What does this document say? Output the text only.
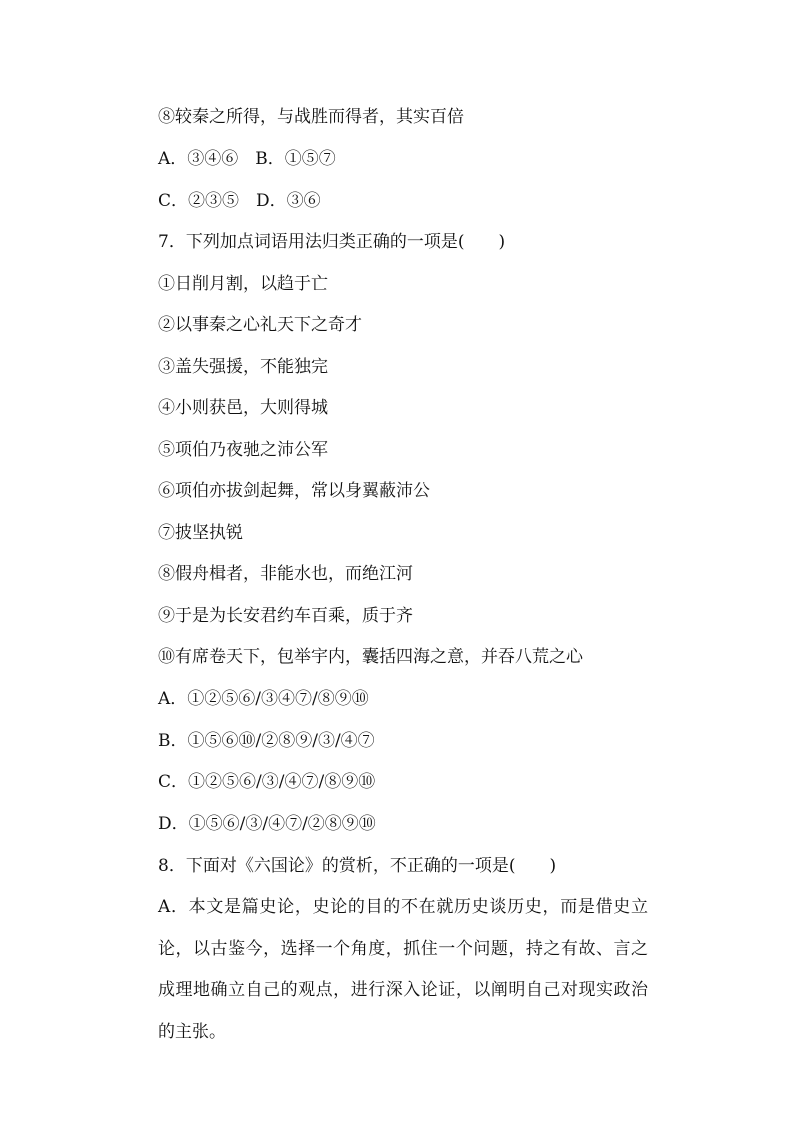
⑧较秦之所得，与战胜而得者，其实百倍
A．③④⑥　B．①⑤⑦
C．②③⑤　D．③⑥
7．下列加点词语用法归类正确的一项是(　　)
①日削月割，以趋于亡
②以事秦之心礼天下之奇才
③盖失强援，不能独完
④小则获邑，大则得城
⑤项伯乃夜驰之沛公军
⑥项伯亦拔剑起舞，常以身翼蔽沛公
⑦披坚执锐
⑧假舟楫者，非能水也，而绝江河
⑨于是为长安君约车百乘，质于齐
⑩有席卷天下，包举宇内，囊括四海之意，并吞八荒之心
A．①②⑤⑥/③④⑦/⑧⑨⑩
B．①⑤⑥⑩/②⑧⑨/③/④⑦
C．①②⑤⑥/③/④⑦/⑧⑨⑩
D．①⑤⑥/③/④⑦/②⑧⑨⑩
8．下面对《六国论》的赏析，不正确的一项是(　　)
A．本文是篇史论，史论的目的不在就历史谈历史，而是借史立论，以古鉴今，选择一个角度，抓住一个问题，持之有故、言之成理地确立自己的观点，进行深入论证，以阐明自己对现实政治的主张。
